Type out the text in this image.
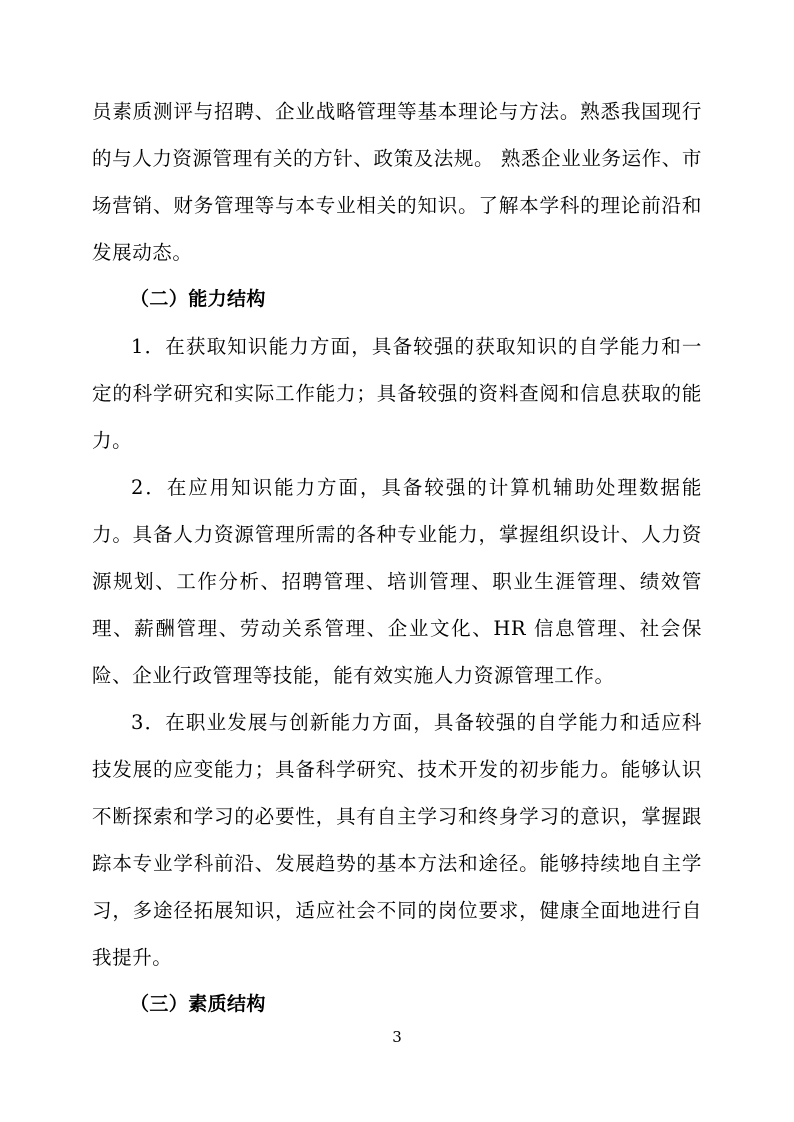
员素质测评与招聘、企业战略管理等基本理论与方法。熟悉我国现行的与人力资源管理有关的方针、政策及法规。 熟悉企业业务运作、市场营销、财务管理等与本专业相关的知识。了解本学科的理论前沿和发展动态。

（二）能力结构

1．在获取知识能力方面，具备较强的获取知识的自学能力和一定的科学研究和实际工作能力；具备较强的资料查阅和信息获取的能力。

2．在应用知识能力方面，具备较强的计算机辅助处理数据能力。具备人力资源管理所需的各种专业能力，掌握组织设计、人力资源规划、工作分析、招聘管理、培训管理、职业生涯管理、绩效管理、薪酬管理、劳动关系管理、企业文化、HR 信息管理、社会保险、企业行政管理等技能，能有效实施人力资源管理工作。

3．在职业发展与创新能力方面，具备较强的自学能力和适应科技发展的应变能力；具备科学研究、技术开发的初步能力。能够认识不断探索和学习的必要性，具有自主学习和终身学习的意识，掌握跟踪本专业学科前沿、发展趋势的基本方法和途径。能够持续地自主学习，多途径拓展知识，适应社会不同的岗位要求，健康全面地进行自我提升。

（三）素质结构

3
